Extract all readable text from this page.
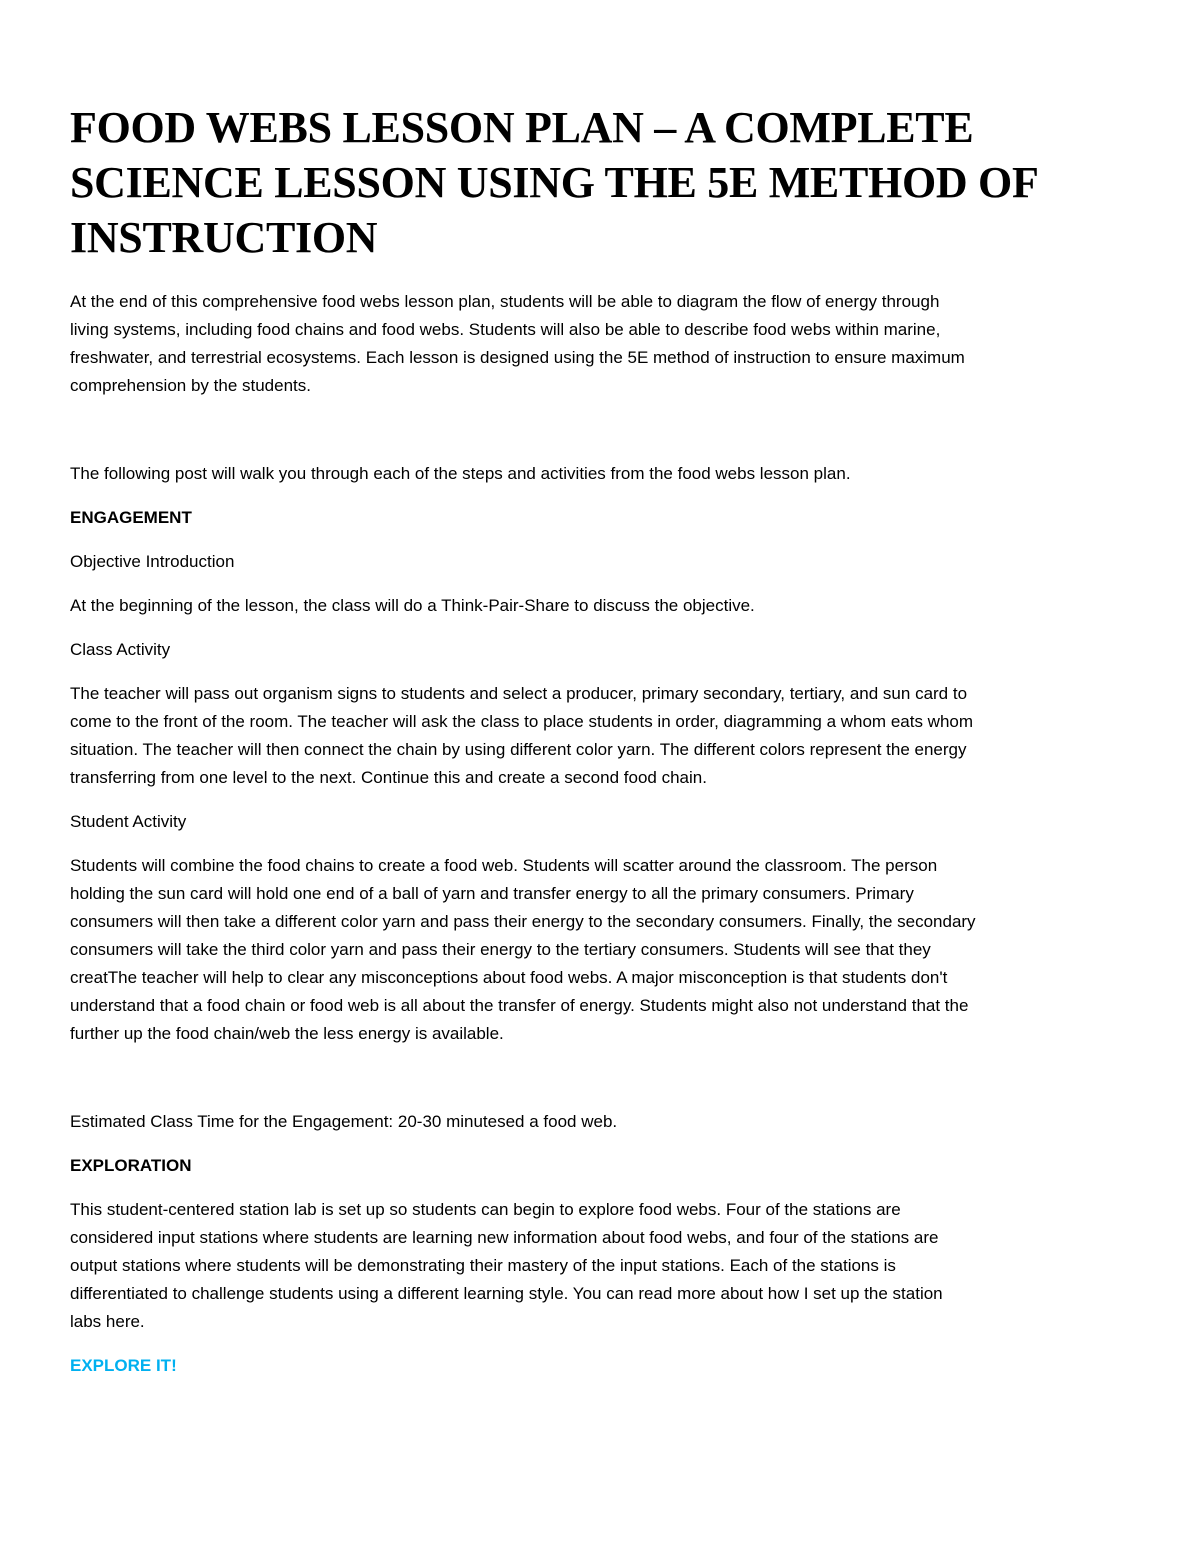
FOOD WEBS LESSON PLAN – A COMPLETE
SCIENCE LESSON USING THE 5E METHOD OF
INSTRUCTION

At the end of this comprehensive food webs lesson plan, students will be able to diagram the flow of energy through
living systems, including food chains and food webs. Students will also be able to describe food webs within marine,
freshwater, and terrestrial ecosystems. Each lesson is designed using the 5E method of instruction to ensure maximum
comprehension by the students.

The following post will walk you through each of the steps and activities from the food webs lesson plan.

ENGAGEMENT

Objective Introduction

At the beginning of the lesson, the class will do a Think-Pair-Share to discuss the objective.

Class Activity

The teacher will pass out organism signs to students and select a producer, primary secondary, tertiary, and sun card to
come to the front of the room. The teacher will ask the class to place students in order, diagramming a whom eats whom
situation. The teacher will then connect the chain by using different color yarn. The different colors represent the energy
transferring from one level to the next. Continue this and create a second food chain.

Student Activity

Students will combine the food chains to create a food web. Students will scatter around the classroom. The person
holding the sun card will hold one end of a ball of yarn and transfer energy to all the primary consumers. Primary
consumers will then take a different color yarn and pass their energy to the secondary consumers. Finally, the secondary
consumers will take the third color yarn and pass their energy to the tertiary consumers. Students will see that they
creatThe teacher will help to clear any misconceptions about food webs. A major misconception is that students don't
understand that a food chain or food web is all about the transfer of energy. Students might also not understand that the
further up the food chain/web the less energy is available.

Estimated Class Time for the Engagement: 20-30 minutesed a food web.

EXPLORATION

This student-centered station lab is set up so students can begin to explore food webs. Four of the stations are
considered input stations where students are learning new information about food webs, and four of the stations are
output stations where students will be demonstrating their mastery of the input stations. Each of the stations is
differentiated to challenge students using a different learning style. You can read more about how I set up the station
labs here.

EXPLORE IT!
